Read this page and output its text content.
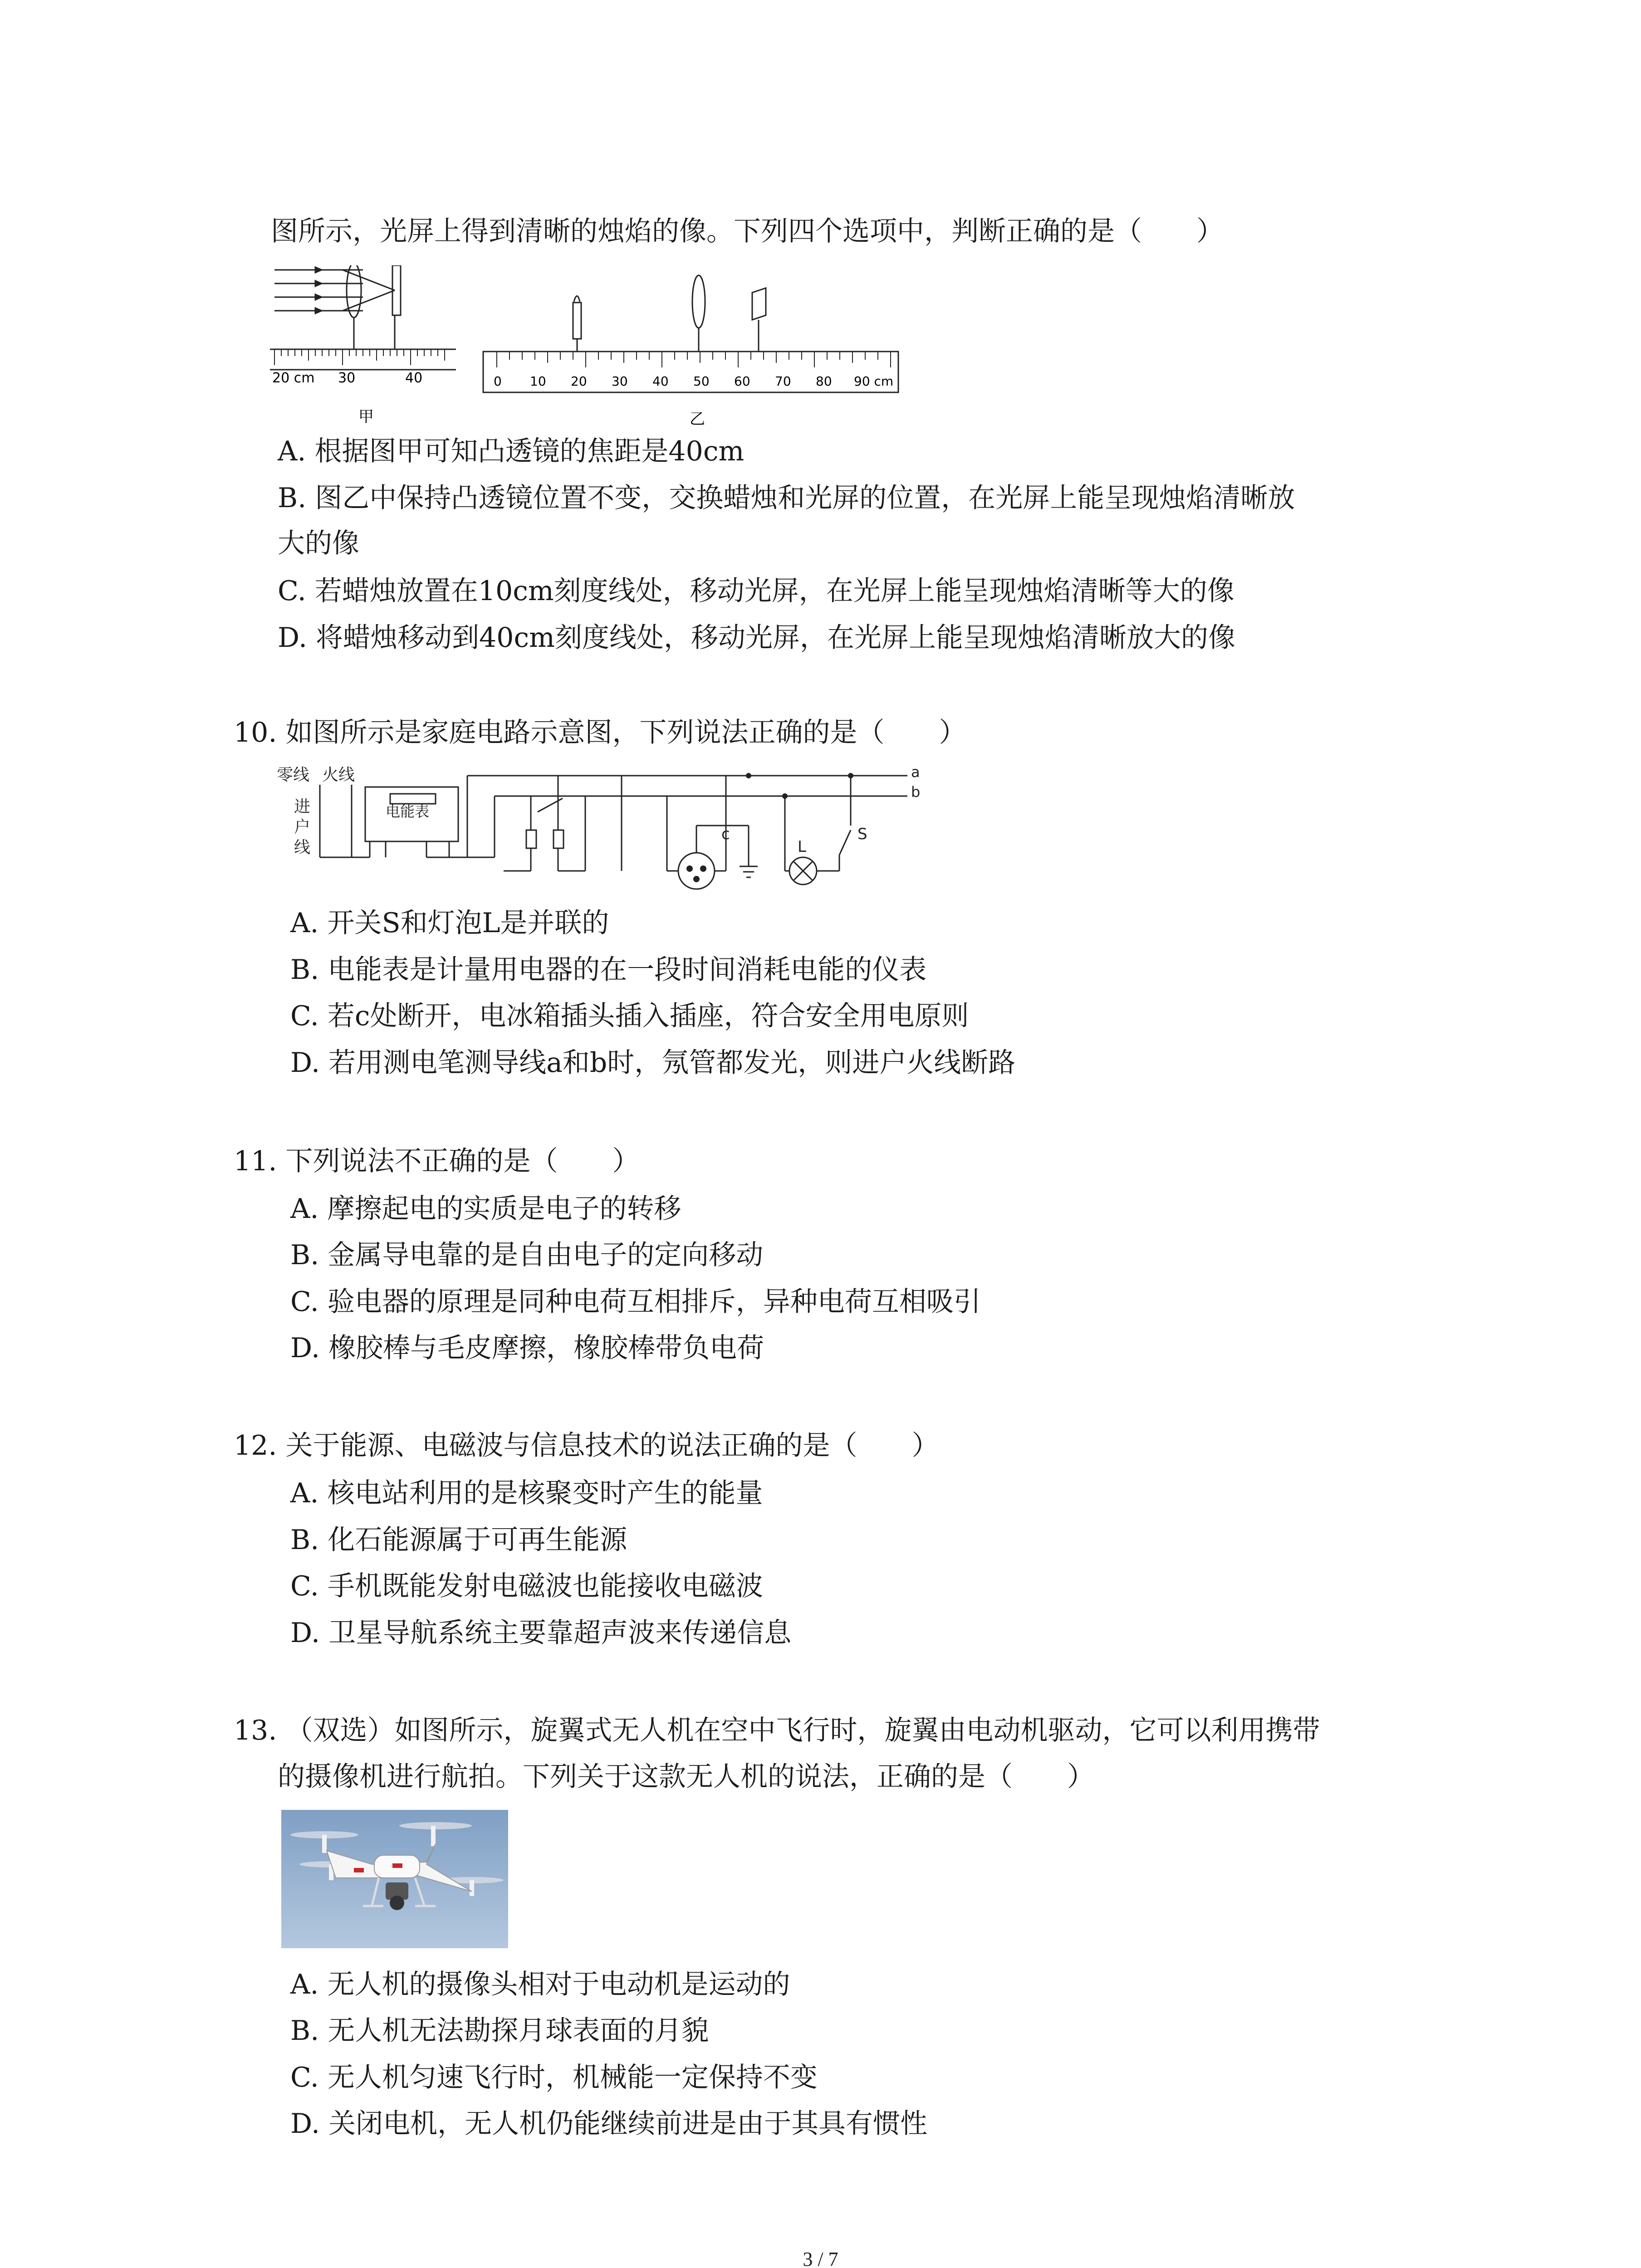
图所示，光屏上得到清晰的烛焰的像。下列四个选项中，判断正确的是（　　）
20 cm 30	40
甲
0 10 20 30 40 50 60 70 80 90 cm
乙
A. 根据图甲可知凸透镜的焦距是40cm
B. 图乙中保持凸透镜位置不变，交换蜡烛和光屏的位置，在光屏上能呈现烛焰清晰放
大的像
C. 若蜡烛放置在10cm刻度线处，移动光屏，在光屏上能呈现烛焰清晰等大的像
D. 将蜡烛移动到40cm刻度线处，移动光屏，在光屏上能呈现烛焰清晰放大的像
10. 如图所示是家庭电路示意图，下列说法正确的是（　　）
零线 火线
进
户
线
电能表
a
b
c
L
S
A. 开关S和灯泡L是并联的
B. 电能表是计量用电器的在一段时间消耗电能的仪表
C. 若c处断开，电冰箱插头插入插座，符合安全用电原则
D. 若用测电笔测导线a和b时，氖管都发光，则进户火线断路
11. 下列说法不正确的是（　　）
A. 摩擦起电的实质是电子的转移
B. 金属导电靠的是自由电子的定向移动
C. 验电器的原理是同种电荷互相排斥，异种电荷互相吸引
D. 橡胶棒与毛皮摩擦，橡胶棒带负电荷
12. 关于能源、电磁波与信息技术的说法正确的是（　　）
A. 核电站利用的是核聚变时产生的能量
B. 化石能源属于可再生能源
C. 手机既能发射电磁波也能接收电磁波
D. 卫星导航系统主要靠超声波来传递信息
13. （双选）如图所示，旋翼式无人机在空中飞行时，旋翼由电动机驱动，它可以利用携带
的摄像机进行航拍。下列关于这款无人机的说法，正确的是（　　）
A. 无人机的摄像头相对于电动机是运动的
B. 无人机无法勘探月球表面的月貌
C. 无人机匀速飞行时，机械能一定保持不变
D. 关闭电机，无人机仍能继续前进是由于其具有惯性
3 / 7
